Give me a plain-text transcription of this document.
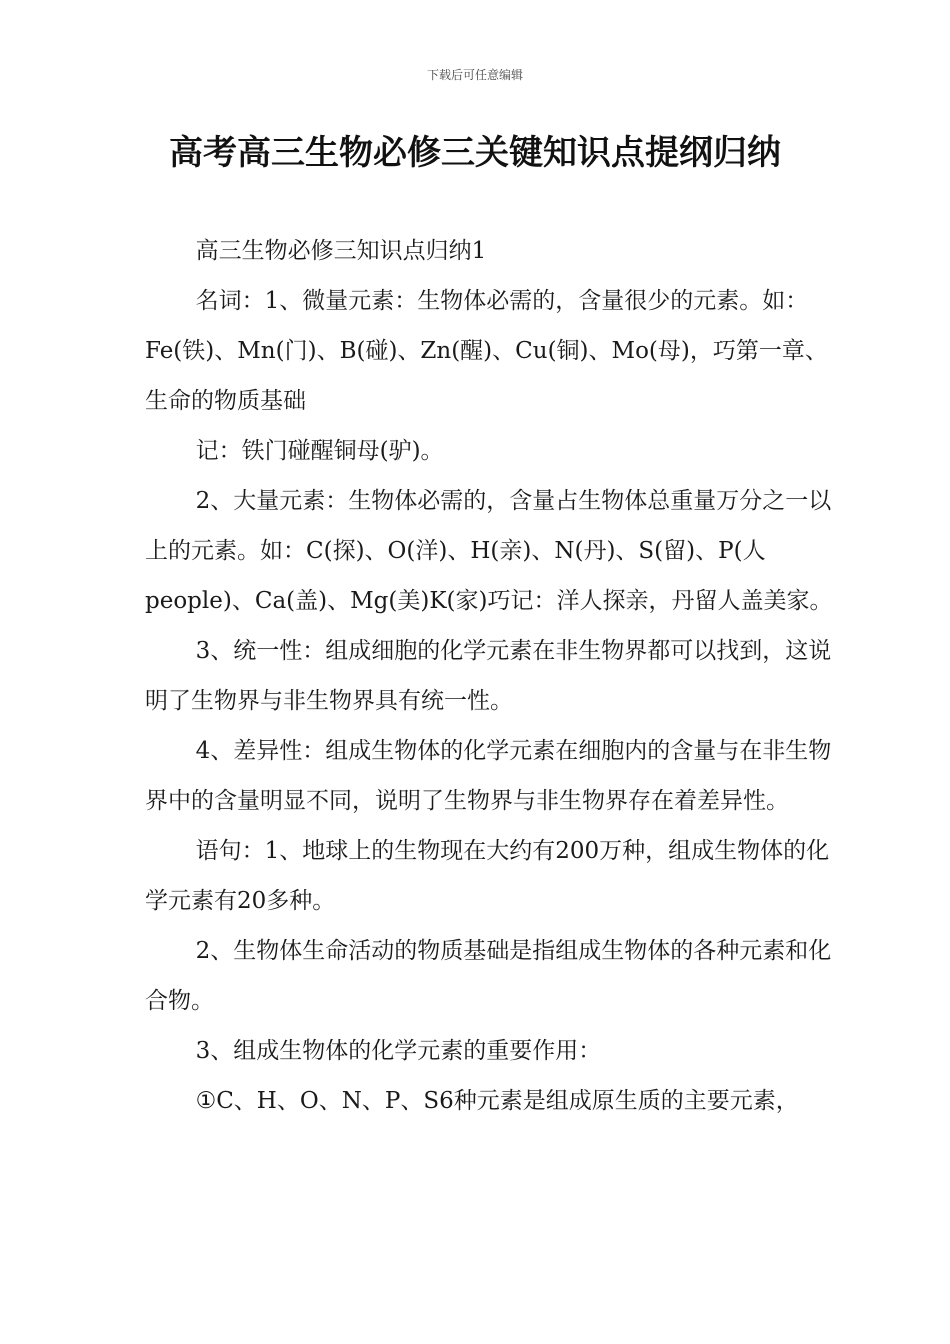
下载后可任意编辑
高考高三生物必修三关键知识点提纲归纳

高三生物必修三知识点归纳1

名词：1、微量元素：生物体必需的，含量很少的元素。如：Fe(铁)、Mn(门)、B(碰)、Zn(醒)、Cu(铜)、Mo(母)，巧第一章、生命的物质基础

记：铁门碰醒铜母(驴)。

2、大量元素：生物体必需的，含量占生物体总重量万分之一以上的元素。如：C(探)、O(洋)、H(亲)、N(丹)、S(留)、P(人people)、Ca(盖)、Mg(美)K(家)巧记：洋人探亲，丹留人盖美家。

3、统一性：组成细胞的化学元素在非生物界都可以找到，这说明了生物界与非生物界具有统一性。

4、差异性：组成生物体的化学元素在细胞内的含量与在非生物界中的含量明显不同，说明了生物界与非生物界存在着差异性。

语句：1、地球上的生物现在大约有200万种，组成生物体的化学元素有20多种。

2、生物体生命活动的物质基础是指组成生物体的各种元素和化合物。

3、组成生物体的化学元素的重要作用：

①C、H、O、N、P、S6种元素是组成原生质的主要元素，
